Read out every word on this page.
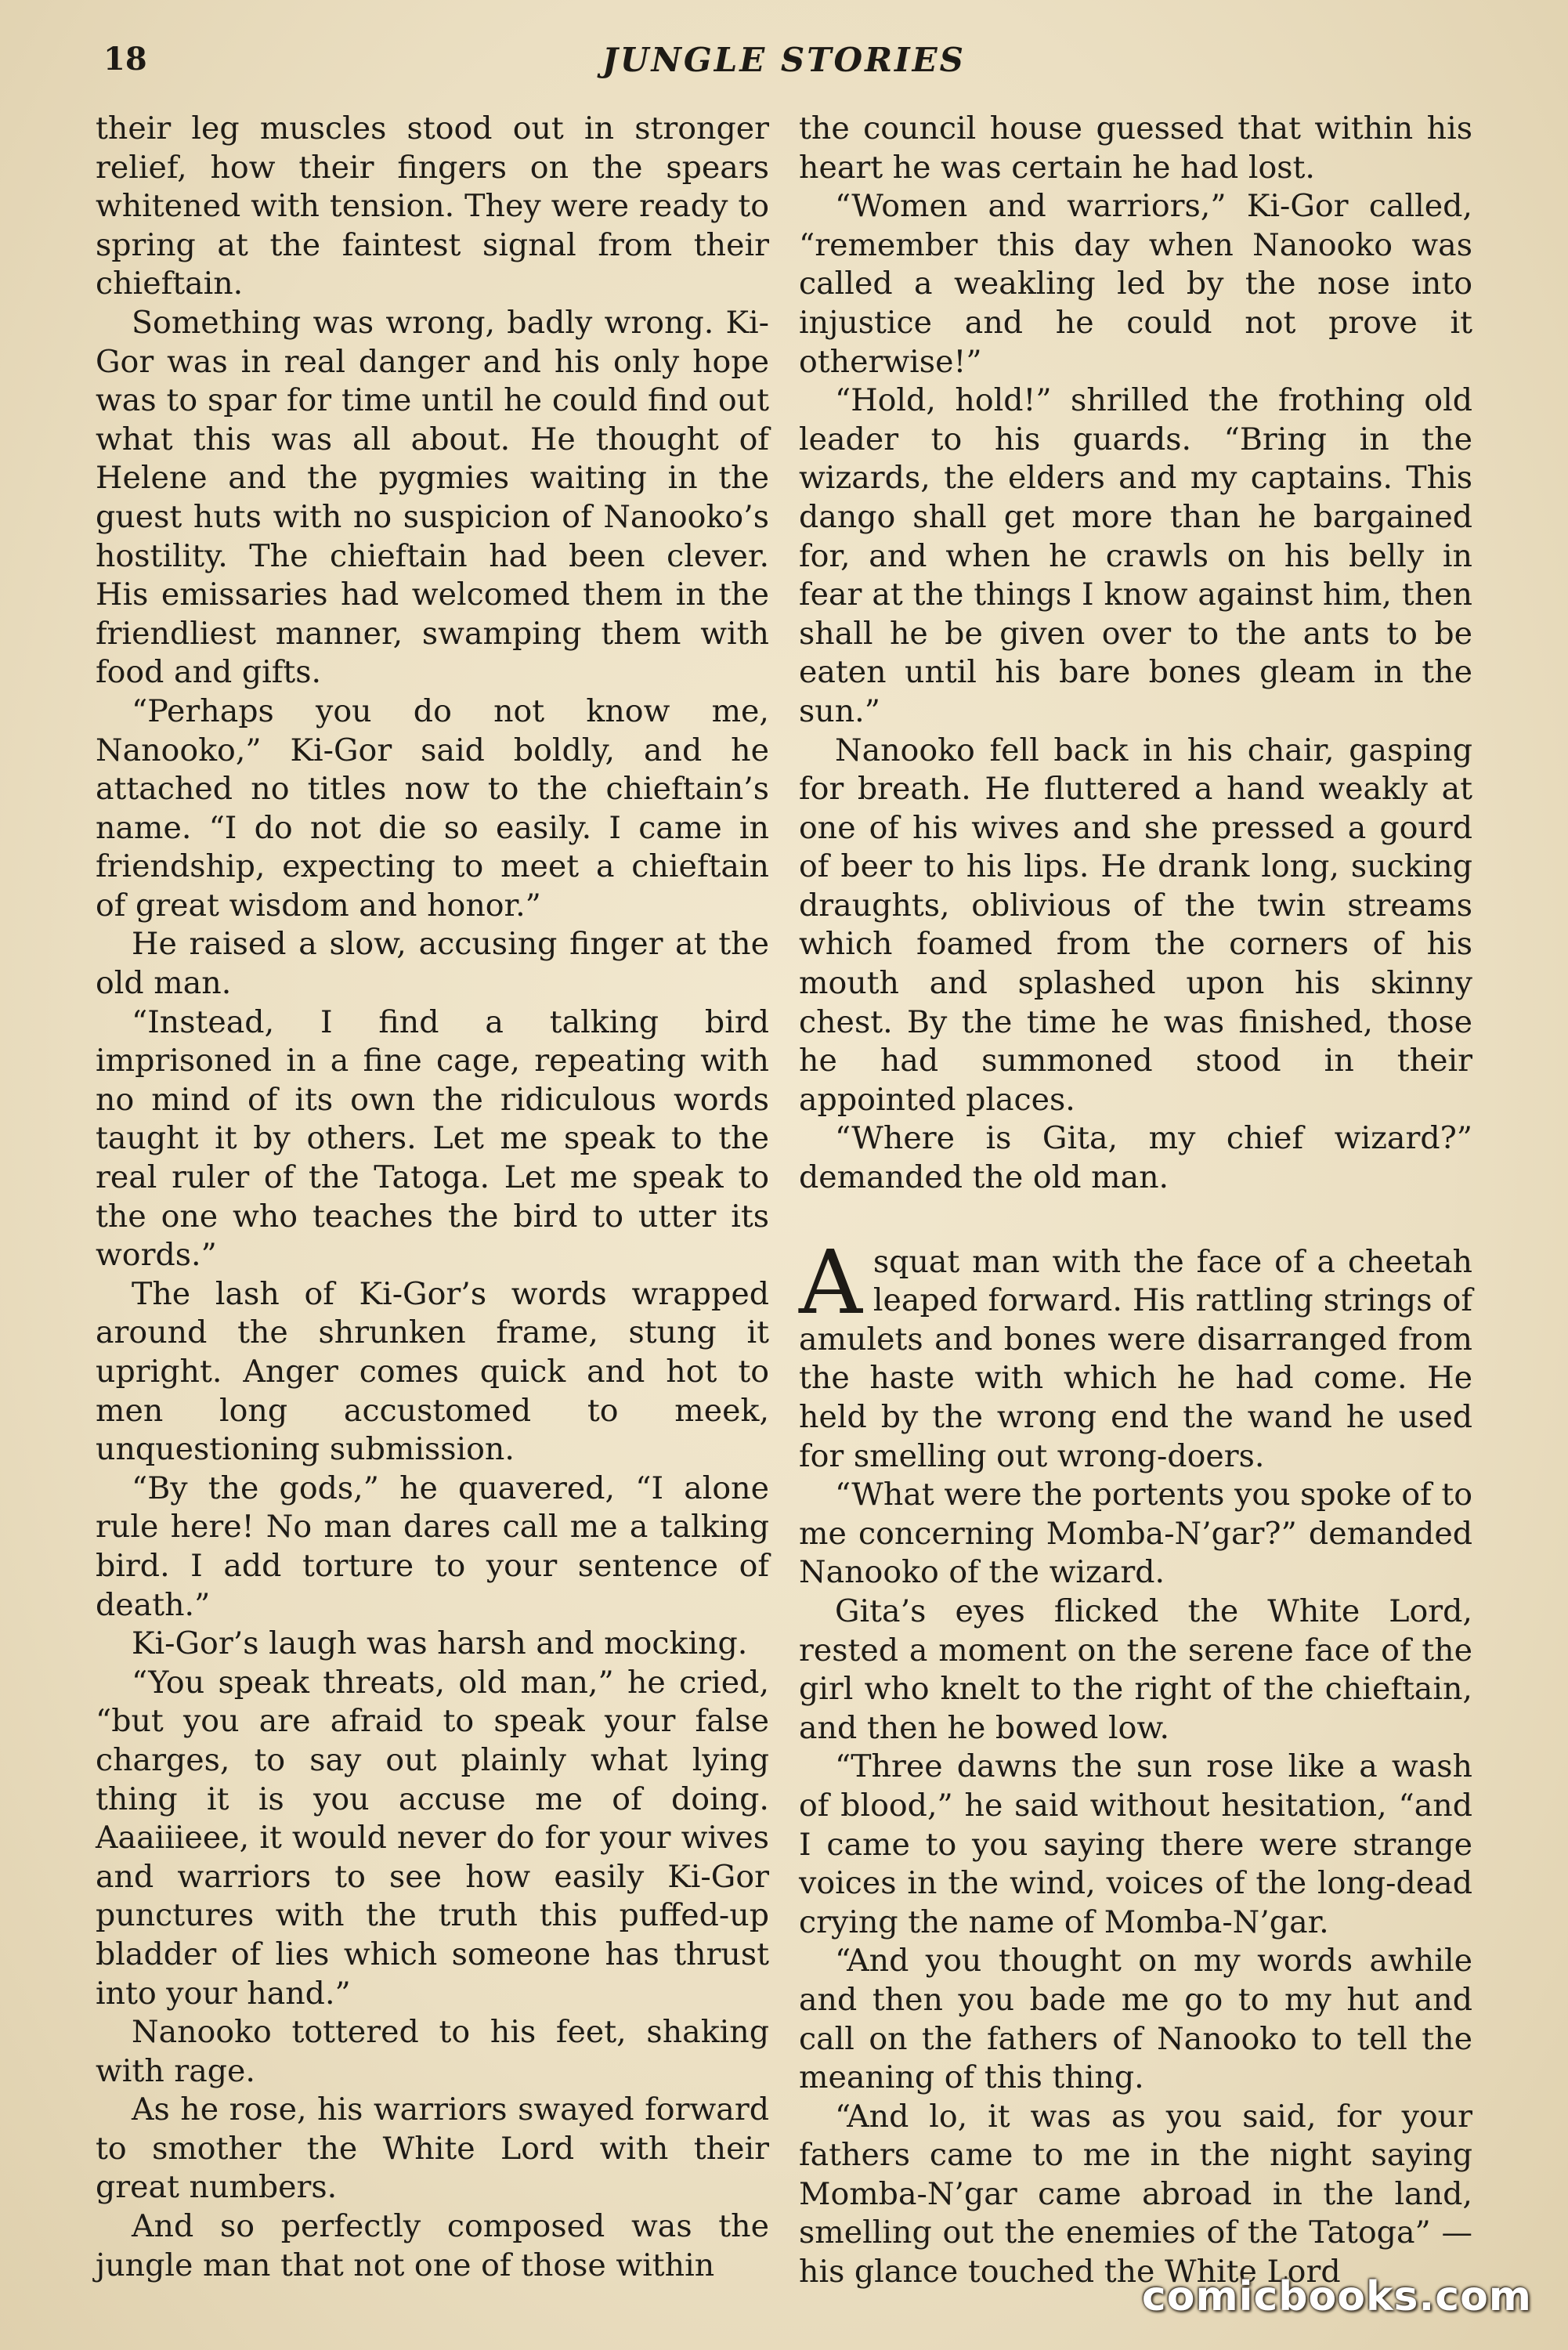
18	JUNGLE STORIES

their leg muscles stood out in stronger relief, how their fingers on the spears whitened with tension. They were ready to spring at the faintest signal from their chieftain.

Something was wrong, badly wrong. Ki-Gor was in real danger and his only hope was to spar for time until he could find out what this was all about. He thought of Helene and the pygmies waiting in the guest huts with no suspicion of Nanooko’s hostility. The chieftain had been clever. His emissaries had welcomed them in the friendliest manner, swamping them with food and gifts.

“Perhaps you do not know me, Nanooko,” Ki-Gor said boldly, and he attached no titles now to the chieftain’s name. “I do not die so easily. I came in friendship, expecting to meet a chieftain of great wisdom and honor.”

He raised a slow, accusing finger at the old man.

“Instead, I find a talking bird imprisoned in a fine cage, repeating with no mind of its own the ridiculous words taught it by others. Let me speak to the real ruler of the Tatoga. Let me speak to the one who teaches the bird to utter its words.”

The lash of Ki-Gor’s words wrapped around the shrunken frame, stung it upright. Anger comes quick and hot to men long accustomed to meek, unquestioning submission.

“By the gods,” he quavered, “I alone rule here! No man dares call me a talking bird. I add torture to your sentence of death.”

Ki-Gor’s laugh was harsh and mocking.

“You speak threats, old man,” he cried, “but you are afraid to speak your false charges, to say out plainly what lying thing it is you accuse me of doing. Aaaiiieee, it would never do for your wives and warriors to see how easily Ki-Gor punctures with the truth this puffed-up bladder of lies which someone has thrust into your hand.”

Nanooko tottered to his feet, shaking with rage.

As he rose, his warriors swayed forward to smother the White Lord with their great numbers.

And so perfectly composed was the jungle man that not one of those within

the council house guessed that within his heart he was certain he had lost.

“Women and warriors,” Ki-Gor called, “remember this day when Nanooko was called a weakling led by the nose into injustice and he could not prove it otherwise!”

“Hold, hold!” shrilled the frothing old leader to his guards. “Bring in the wizards, the elders and my captains. This dango shall get more than he bargained for, and when he crawls on his belly in fear at the things I know against him, then shall he be given over to the ants to be eaten until his bare bones gleam in the sun.”

Nanooko fell back in his chair, gasping for breath. He fluttered a hand weakly at one of his wives and she pressed a gourd of beer to his lips. He drank long, sucking draughts, oblivious of the twin streams which foamed from the corners of his mouth and splashed upon his skinny chest. By the time he was finished, those he had summoned stood in their appointed places.

“Where is Gita, my chief wizard?” demanded the old man.

Asquat man with the face of a cheetah leaped forward. His rattling strings of amulets and bones were disarranged from the haste with which he had come. He held by the wrong end the wand he used for smelling out wrong-doers.

“What were the portents you spoke of to me concerning Momba-N’gar?” demanded Nanooko of the wizard.

Gita’s eyes flicked the White Lord, rested a moment on the serene face of the girl who knelt to the right of the chieftain, and then he bowed low.

“Three dawns the sun rose like a wash of blood,” he said without hesitation, “and I came to you saying there were strange voices in the wind, voices of the long-dead crying the name of Momba-N’gar.

“And you thought on my words awhile and then you bade me go to my hut and call on the fathers of Nanooko to tell the meaning of this thing.

“And lo, it was as you said, for your fathers came to me in the night saying Momba-N’gar came abroad in the land, smelling out the enemies of the Tatoga” —his glance touched the White Lord

comicbooks.com
